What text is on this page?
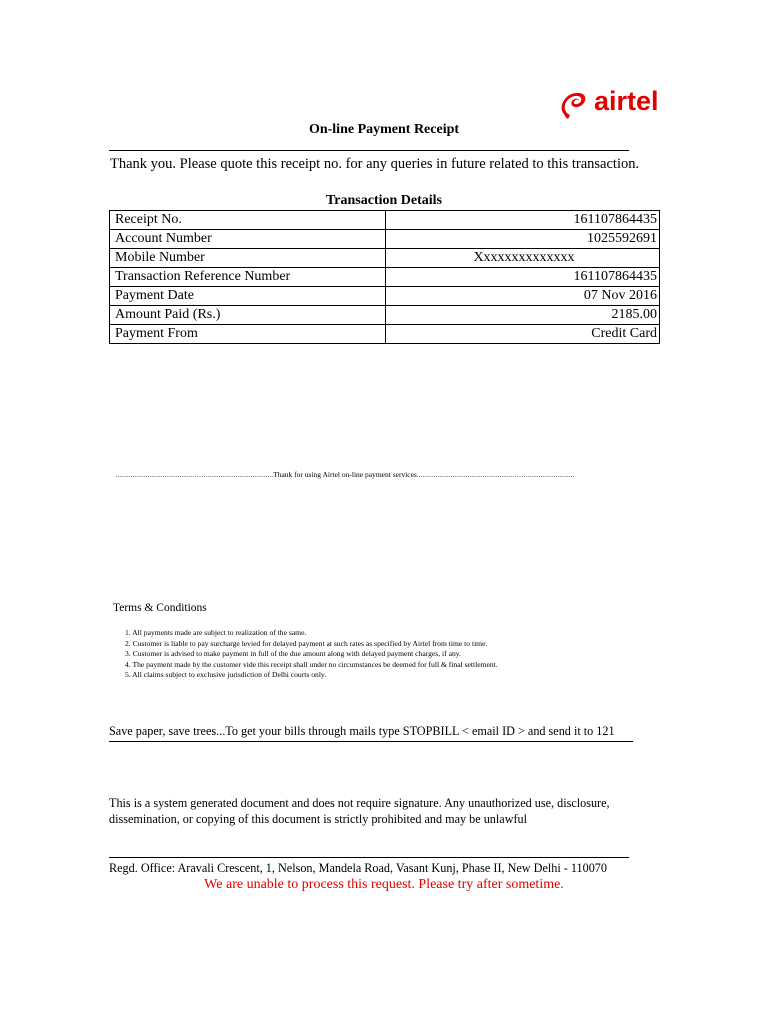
airtel
On-line Payment Receipt
Thank you. Please quote this receipt no. for any queries in future related to this transaction.
Transaction Details
Receipt No.	161107864435
Account Number	1025592691
Mobile Number	Xxxxxxxxxxxxxx
Transaction Reference Number	161107864435
Payment Date	07 Nov 2016
Amount Paid (Rs.)	2185.00
Payment From	Credit Card
....................................................................................Thank for using Airtel on-line payment services....................................................................................
Terms & Conditions
1. All payments made are subject to realization of the same.
2. Customer is liable to pay surcharge levied for delayed payment at such rates as specified by Airtel from time to time.
3. Customer is advised to make payment in full of the due amount along with delayed payment charges, if any.
4. The payment made by the customer vide this receipt shall under no circumstances be deemed for full & final settlement.
5. All claims subject to exclusive jurisdiction of Delhi courts only.
Save paper, save trees...To get your bills through mails type STOPBILL < email ID > and send it to 121
This is a system generated document and does not require signature. Any unauthorized use, disclosure, dissemination, or copying of this document is strictly prohibited and may be unlawful
Regd. Office: Aravali Crescent, 1, Nelson, Mandela Road, Vasant Kunj, Phase II, New Delhi - 110070
We are unable to process this request. Please try after sometime.
